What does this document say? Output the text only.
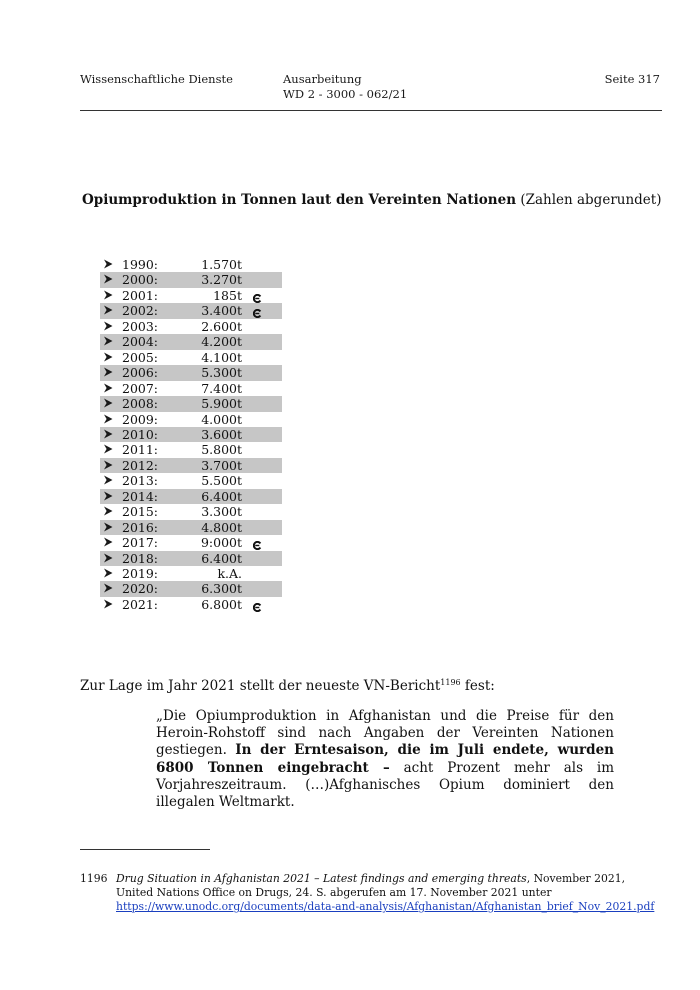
Wissenschaftliche Dienste	Ausarbeitung
WD 2 - 3000 - 062/21
Seite 317
Opiumproduktion in Tonnen laut den Vereinten Nationen (Zahlen abgerundet)
1990:	1.570t
2000:	3.270t
2001:	185t
2002:	3.400t
2003:	2.600t
2004:	4.200t
2005:	4.100t
2006:	5.300t
2007:	7.400t
2008:	5.900t
2009:	4.000t
2010:	3.600t
2011:	5.800t
2012:	3.700t
2013:	5.500t
2014:	6.400t
2015:	3.300t
2016:	4.800t
2017:	9:000t
2018:	6.400t
2019:	k.A.
2020:	6.300t
2021:	6.800t
Zur Lage im Jahr 2021 stellt der neueste VN-Bericht$^{1196}$ fest:
„Die Opiumproduktion in Afghanistan und die Preise für den Heroin-Rohstoff sind nach Angaben der Vereinten Nationen gestiegen. In der Erntesaison, die im Juli endete, wurden 6800 Tonnen eingebracht – acht Prozent mehr als im Vorjahreszeitraum. (…)Afghanisches Opium dominiert den illegalen Weltmarkt.
1196 Drug Situation in Afghanistan 2021 – Latest findings and emerging threats, November 2021, United Nations Office on Drugs, 24. S. abgerufen am 17. November 2021 unter https://www.unodc.org/documents/data-and-analysis/Afghanistan/Afghanistan_brief_Nov_2021.pdf
